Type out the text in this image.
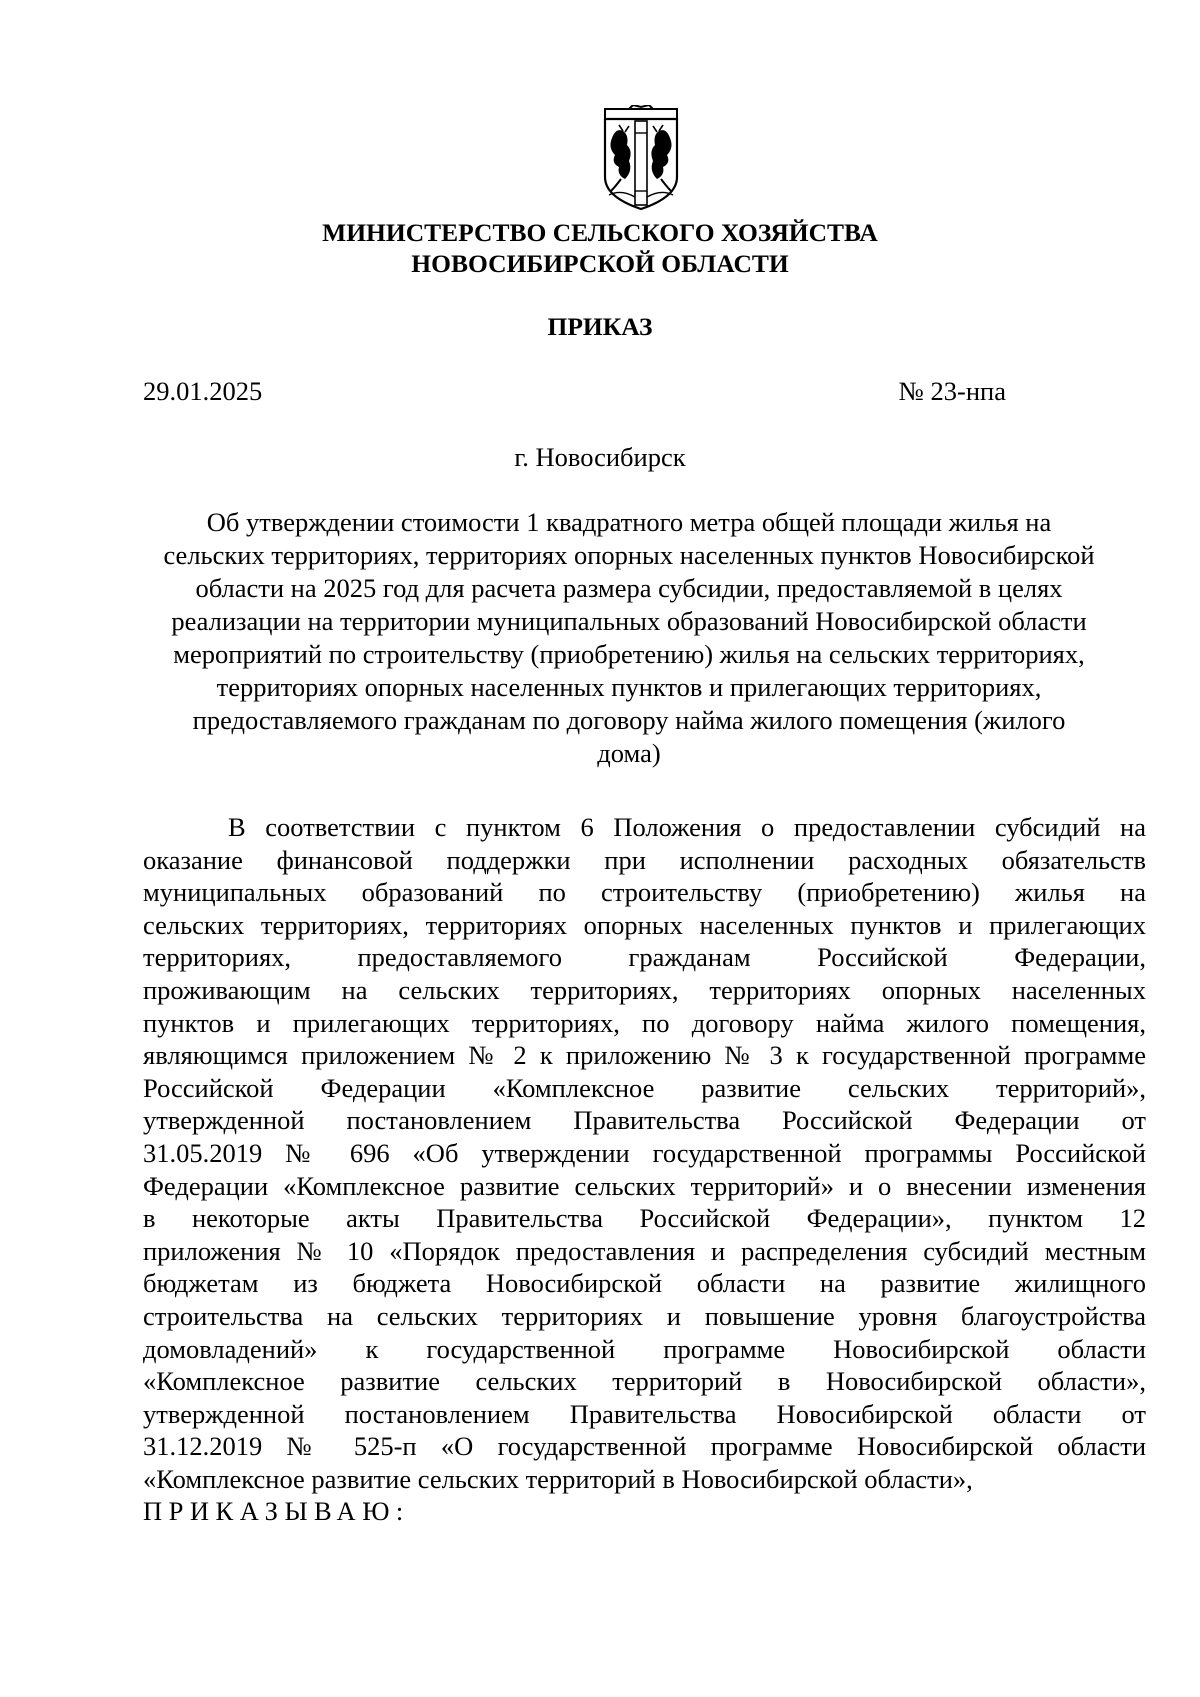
МИНИСТЕРСТВО СЕЛЬСКОГО ХОЗЯЙСТВА
НОВОСИБИРСКОЙ ОБЛАСТИ
ПРИКАЗ
29.01.2025	№ 23-нпа
г. Новосибирск
Об утверждении стоимости 1 квадратного метра общей площади жилья на
сельских территориях, территориях опорных населенных пунктов Новосибирской
области на 2025 год для расчета размера субсидии, предоставляемой в целях
реализации на территории муниципальных образований Новосибирской области
мероприятий по строительству (приобретению) жилья на сельских территориях,
территориях опорных населенных пунктов и прилегающих территориях,
предоставляемого гражданам по договору найма жилого помещения (жилого
дома)
В соответствии с пунктом 6 Положения о предоставлении субсидий на
оказание финансовой поддержки при исполнении расходных обязательств
муниципальных образований по строительству (приобретению) жилья на
сельских территориях, территориях опорных населенных пунктов и прилегающих
территориях, предоставляемого гражданам Российской Федерации,
проживающим на сельских территориях, территориях опорных населенных
пунктов и прилегающих территориях, по договору найма жилого помещения,
являющимся приложением № 2 к приложению № 3 к государственной программе
Российской Федерации «Комплексное развитие сельских территорий»,
утвержденной постановлением Правительства Российской Федерации от
31.05.2019 № 696 «Об утверждении государственной программы Российской
Федерации «Комплексное развитие сельских территорий» и о внесении изменения
в некоторые акты Правительства Российской Федерации», пунктом 12
приложения № 10 «Порядок предоставления и распределения субсидий местным
бюджетам из бюджета Новосибирской области на развитие жилищного
строительства на сельских территориях и повышение уровня благоустройства
домовладений» к государственной программе Новосибирской области
«Комплексное развитие сельских территорий в Новосибирской области»,
утвержденной постановлением Правительства Новосибирской области от
31.12.2019 № 525-п «О государственной программе Новосибирской области
«Комплексное развитие сельских территорий в Новосибирской области»,
ПРИКАЗЫВАЮ:
